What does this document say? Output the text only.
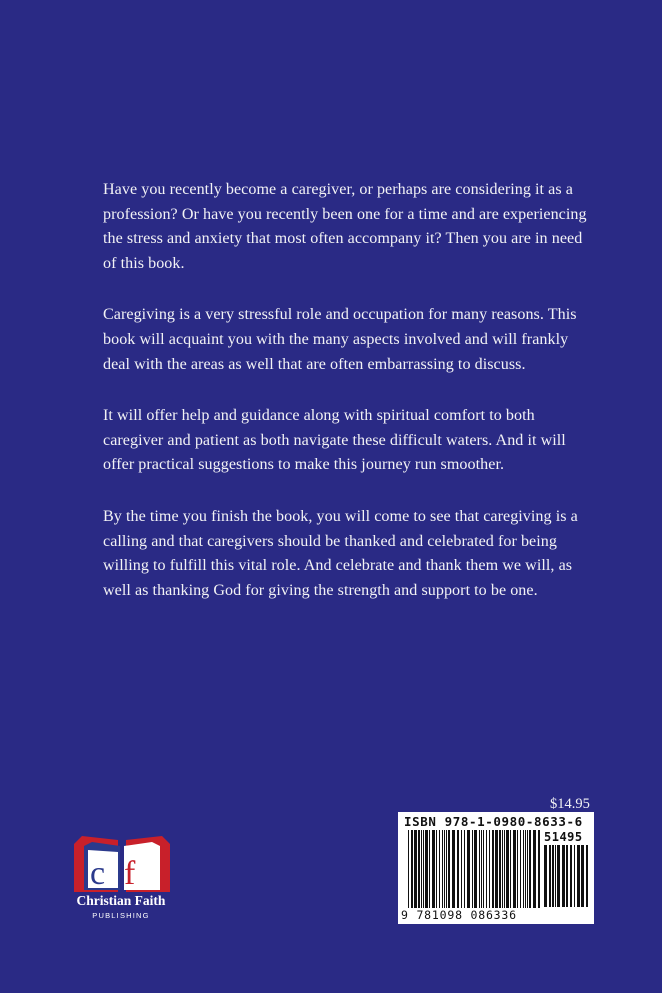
Have you recently become a caregiver, or perhaps are considering it as a profession? Or have you recently been one for a time and are experiencing the stress and anxiety that most often accompany it? Then you are in need of this book.

Caregiving is a very stressful role and occupation for many reasons. This book will acquaint you with the many aspects involved and will frankly deal with the areas as well that are often embarrassing to discuss.

It will offer help and guidance along with spiritual comfort to both caregiver and patient as both navigate these difficult waters. And it will offer practical suggestions to make this journey run smoother.

By the time you finish the book, you will come to see that caregiving is a calling and that caregivers should be thanked and celebrated for being willing to fulfill this vital role. And celebrate and thank them we will, as well as thanking God for giving the strength and support to be one.

$14.95
ISBN 978-1-0980-8633-6
51495
9 781098 086336
c f
Christian Faith
PUBLISHING
